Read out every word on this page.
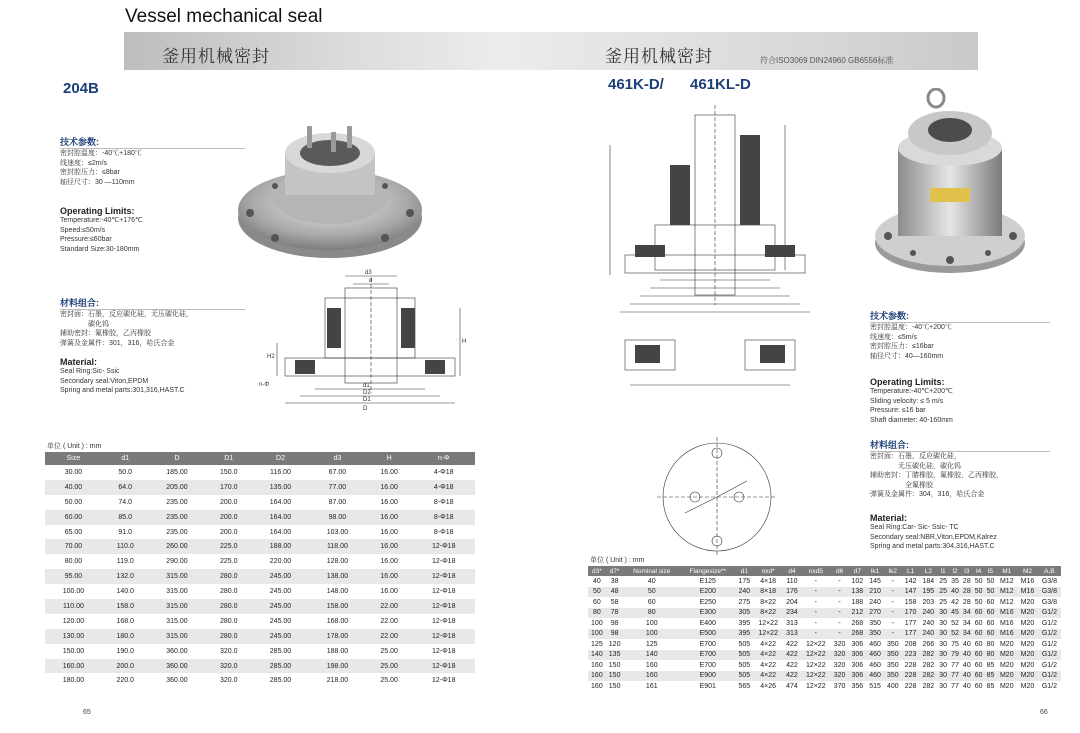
Vessel mechanical seal
釜用机械密封	釜用机械密封	符合ISO3069 DIN24960 GB6556标准
204B
技术参数:
密封腔温度：-40℃+180℃
线速度：≤2m/s
密封腔压力：≤8bar
轴径尺寸：30 —110mm
Operating Limits:
Temperature:-40℃+176℃
Speed:≤50m/s
Pressure:≤60bar
Standard Size:30-180mm
材料组合:
密封面：石墨，反应碳化硅，无压碳化硅，
　　　　碳化钨
辅助密封：氟橡胶，乙丙橡胶
弹簧及金属件：301，316，哈氏合金
Material:
Seal Ring:Sic- Ssic
Secondary seal:Viton,EPDM
Spring and metal parts:301,316,HAST.C
d3
d
H2
H
d1
D2
D1
D
n-Φ
单位 ( Unit ) : mm
Size	d1	D	D1	D2	d3	H	n-Φ
30.00	50.0	185.00	150.0	116.00	67.00	16.00	4-Φ18
40.00	64.0	205.00	170.0	135.00	77.00	16.00	4-Φ18
50.00	74.0	235.00	200.0	164.00	87.00	16.00	8-Φ18
60.00	85.0	235.00	200.0	164.00	98.00	16.00	8-Φ18
65.00	91.0	235.00	200.0	164.00	103.00	16.00	8-Φ18
70.00	110.0	260.00	225.0	188.00	118.00	16.00	12-Φ18
80.00	119.0	290.00	225.0	220.00	128.00	16.00	12-Φ18
95.00	132.0	315.00	280.0	245.00	138.00	16.00	12-Φ18
100.00	140.0	315.00	280.0	245.00	148.00	16.00	12-Φ18
110.00	158.0	315.00	280.0	245.00	158.00	22.00	12-Φ18
120.00	168.0	315.00	280.0	245.00	168.00	22.00	12-Φ18
130.00	180.0	315.00	280.0	245.00	178.00	22.00	12-Φ18
150.00	190.0	360.00	320.0	285.00	188.00	25.00	12-Φ18
160.00	200.0	360.00	320.0	285.00	198.00	25.00	12-Φ18
180.00	220.0	360.00	320.0	285.00	218.00	25.00	12-Φ18
65
461K-D/ 461KL-D
技术参数:
密封腔温度：-40℃+200℃
线速度：≤5m/s
密封腔压力：≤16bar
轴径尺寸：40—160mm
Operating Limits:
Temperature:-40℃+200℃
Sliding velocity: ≤ 5 m/s
Pressure: ≤16 bar
Shaft diameter: 40-160mm
材料组合:
密封面：石墨，反应碳化硅，
　　　　无压碳化硅，碳化钨
辅助密封：丁腈橡胶，氟橡胶，乙丙橡胶，
　　　　　全氟橡胶
弹簧及金属件：304，316，哈氏合金
Material:
Seal Ring:Car- Sic- Ssic- TC
Secondary seal:NBR,Viton,EPDM,Kalrez
Spring and metal parts:304,316,HAST.C
单位 ( Unit ) : mm
d3*	d7*	Nominal size	Flangesize**	d1	nxd*	d4	nxd5	d6	d7	lk1	lk2	L1	L2	l1	l2	l3	l4	l5	M1	M2	A,B
40	38	40	E125	175	4×18	110	-	-	102	145	-	142	184	25	35	28	50	50	M12	M16	G3/8
50	48	50	E200	240	8×18	176	-	-	138	210	-	147	195	25	40	28	50	50	M12	M16	G3/8
60	58	60	E250	275	8×22	204	-	-	188	240	-	158	203	25	42	28	50	60	M12	M20	G3/8
80	78	80	E300	305	8×22	234	-	-	212	270	-	170	240	30	45	34	60	60	M16	M20	G1/2
100	98	100	E400	395	12×22	313	-	-	268	350	-	177	240	30	52	34	60	60	M16	M20	G1/2
100	98	100	E500	395	12×22	313	-	-	268	350	-	177	240	30	52	34	60	60	M16	M20	G1/2
125	120	125	E700	505	4×22	422	12×22	320	306	460	350	208	266	30	75	40	60	80	M20	M20	G1/2
140	135	140	E700	505	4×22	422	12×22	320	306	460	350	223	282	30	79	40	60	80	M20	M20	G1/2
160	150	160	E700	505	4×22	422	12×22	320	306	460	350	228	282	30	77	40	60	85	M20	M20	G1/2
160	150	160	E900	505	4×22	422	12×22	320	306	460	350	228	282	30	77	40	60	85	M20	M20	G1/2
160	150	161	E901	565	4×26	474	12×22	370	356	515	400	228	282	30	77	40	60	85	M20	M20	G1/2
66
